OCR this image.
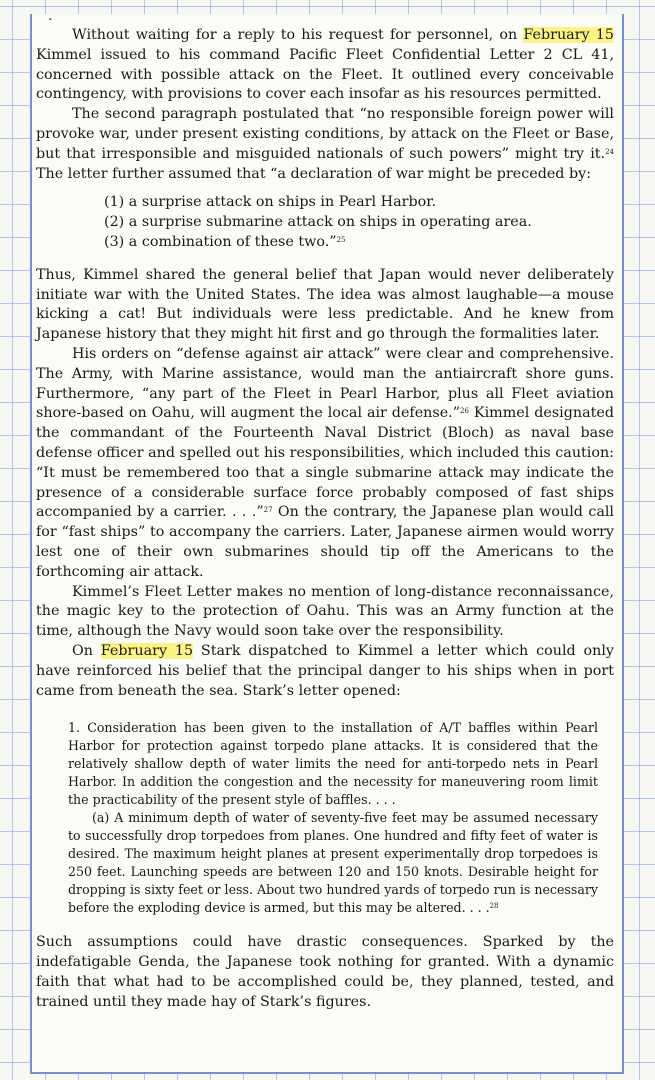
·

Without waiting for a reply to his request for personnel, on February 15 Kimmel issued to his command Pacific Fleet Confidential Letter 2 CL 41, concerned with possible attack on the Fleet. It outlined every conceivable contingency, with provisions to cover each insofar as his resources permitted.

The second paragraph postulated that “no responsible foreign power will provoke war, under present existing conditions, by attack on the Fleet or Base, but that irresponsible and misguided nationals of such powers” might try it.$^{24}$ The letter further assumed that “a declaration of war might be preceded by:

(1) a surprise attack on ships in Pearl Harbor.
(2) a surprise submarine attack on ships in operating area.
(3) a combination of these two.”$^{25}$

Thus, Kimmel shared the general belief that Japan would never deliberately initiate war with the United States. The idea was almost laughable—a mouse kicking a cat! But individuals were less predictable. And he knew from Japanese history that they might hit first and go through the formalities later.

His orders on “defense against air attack” were clear and comprehensive. The Army, with Marine assistance, would man the antiaircraft shore guns. Furthermore, “any part of the Fleet in Pearl Harbor, plus all Fleet aviation shore-based on Oahu, will augment the local air defense.”$^{26}$ Kimmel designated the commandant of the Fourteenth Naval District (Bloch) as naval base defense officer and spelled out his responsibilities, which included this caution: “It must be remembered too that a single submarine attack may indicate the presence of a considerable surface force probably composed of fast ships accompanied by a carrier. . . .”$^{27}$ On the contrary, the Japanese plan would call for “fast ships” to accompany the carriers. Later, Japanese airmen would worry lest one of their own submarines should tip off the Americans to the forthcoming air attack.

Kimmel’s Fleet Letter makes no mention of long-distance reconnaissance, the magic key to the protection of Oahu. This was an Army function at the time, although the Navy would soon take over the responsibility.

On February 15 Stark dispatched to Kimmel a letter which could only have reinforced his belief that the principal danger to his ships when in port came from beneath the sea. Stark’s letter opened:

1. Consideration has been given to the installation of A/T baffles within Pearl Harbor for protection against torpedo plane attacks. It is considered that the relatively shallow depth of water limits the need for anti-torpedo nets in Pearl Harbor. In addition the congestion and the necessity for maneuvering room limit the practicability of the present style of baffles. . . .

(a) A minimum depth of water of seventy-five feet may be assumed necessary to successfully drop torpedoes from planes. One hundred and fifty feet of water is desired. The maximum height planes at present experimentally drop torpedoes is 250 feet. Launching speeds are between 120 and 150 knots. Desirable height for dropping is sixty feet or less. About two hundred yards of torpedo run is necessary before the exploding device is armed, but this may be altered. . . .$^{28}$

Such assumptions could have drastic consequences. Sparked by the indefatigable Genda, the Japanese took nothing for granted. With a dynamic faith that what had to be accomplished could be, they planned, tested, and trained until they made hay of Stark’s figures.
